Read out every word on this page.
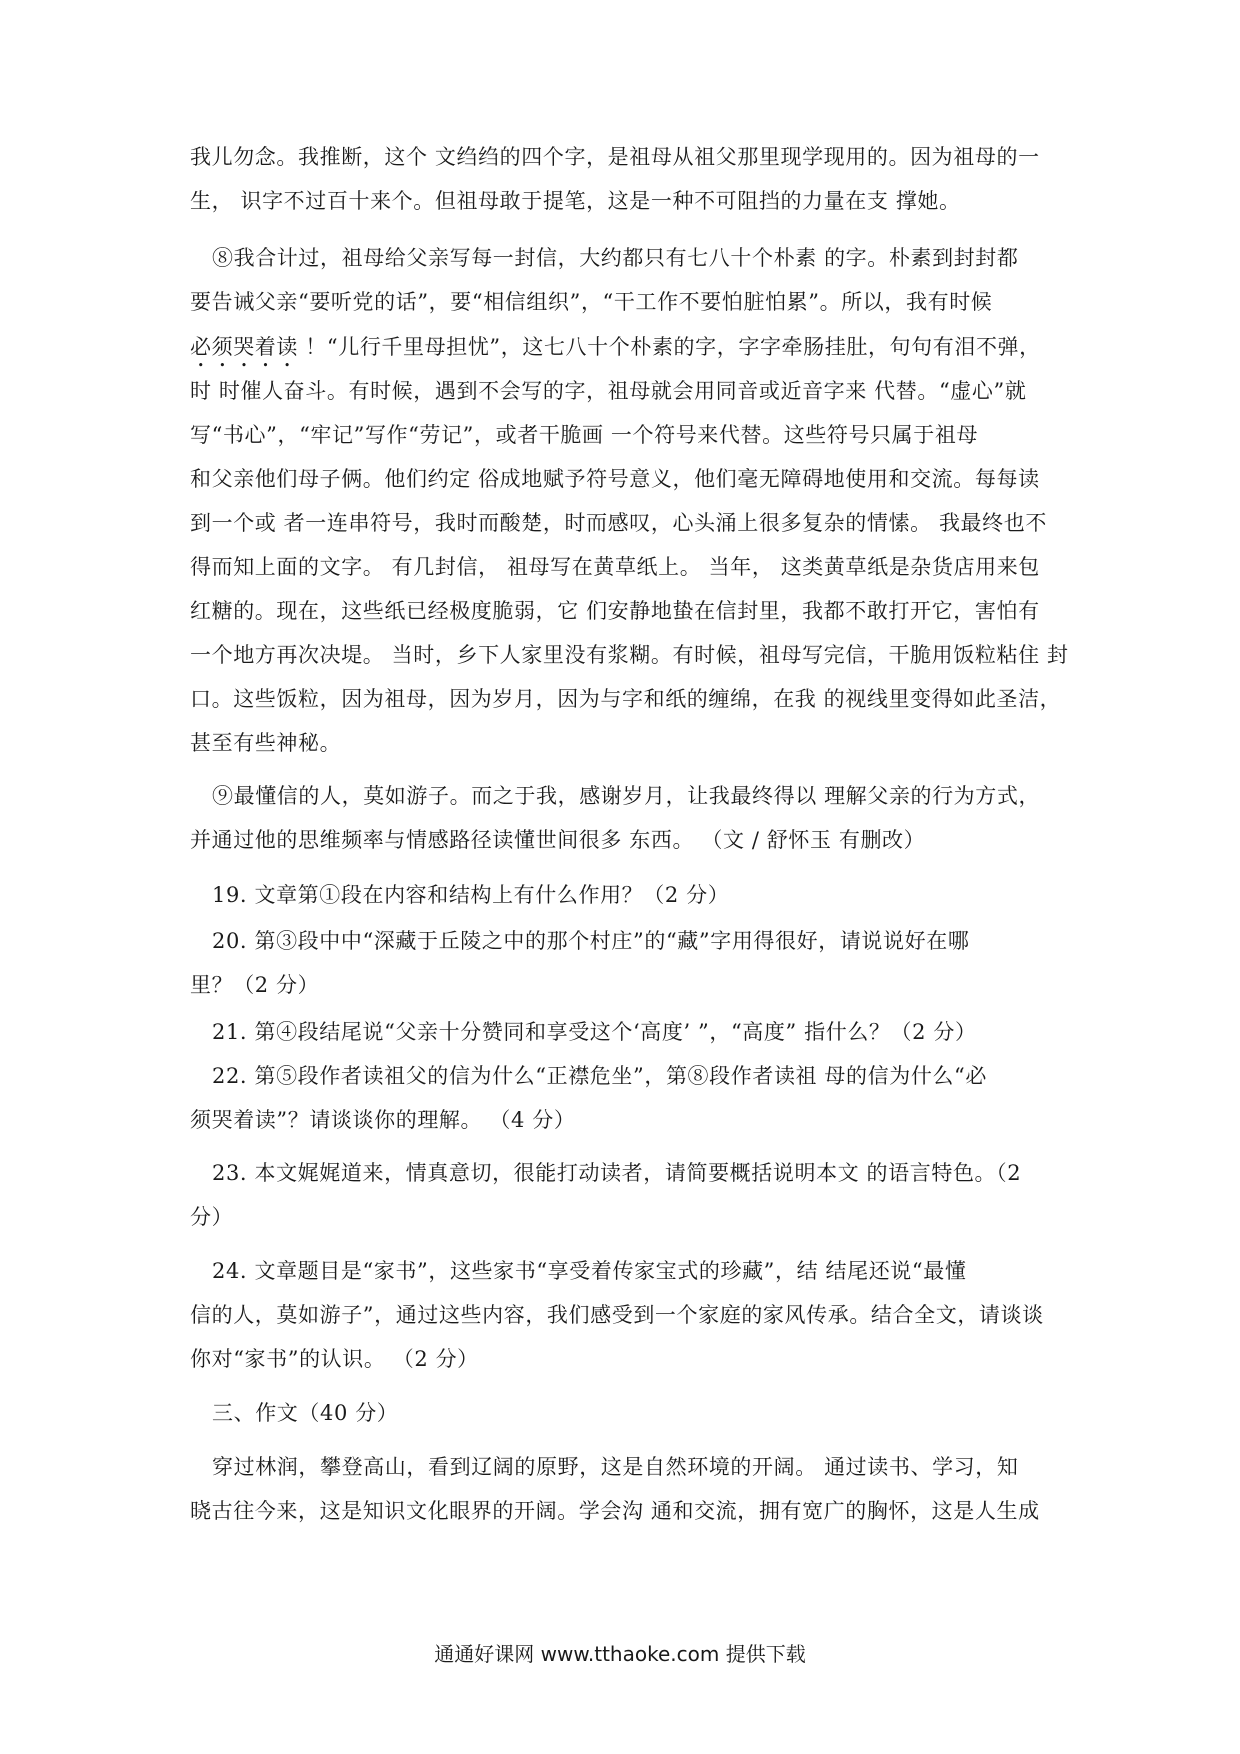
我儿勿念。我推断，这个 文绉绉的四个字，是祖母从祖父那里现学现用的。因为祖母的一
生， 识字不过百十来个。但祖母敢于提笔，这是一种不可阻挡的力量在支 撑她。
⑧我合计过，祖母给父亲写每一封信，大约都只有七八十个朴素 的字。朴素到封封都
要告诫父亲“要听党的话”，要“相信组织”，“干工作不要怕脏怕累”。所以，我有时候
必须哭着读 ！“儿行千里母担忧”，这七八十个朴素的字，字字牵肠挂肚，句句有泪不弹，
时 时催人奋斗。有时候，遇到不会写的字，祖母就会用同音或近音字来 代替。“虚心”就
写“书心”，“牢记”写作“劳记”，或者干脆画 一个符号来代替。这些符号只属于祖母
和父亲他们母子俩。他们约定 俗成地赋予符号意义，他们毫无障碍地使用和交流。每每读
到一个或 者一连串符号，我时而酸楚，时而感叹，心头涌上很多复杂的情愫。 我最终也不
得而知上面的文字。 有几封信， 祖母写在黄草纸上。 当年， 这类黄草纸是杂货店用来包
红糖的。现在，这些纸已经极度脆弱，它 们安静地蛰在信封里，我都不敢打开它，害怕有
一个地方再次决堤。 当时，乡下人家里没有浆糊。有时候，祖母写完信，干脆用饭粒粘住 封
口。这些饭粒，因为祖母，因为岁月，因为与字和纸的缠绵，在我 的视线里变得如此圣洁，
甚至有些神秘。
⑨最懂信的人，莫如游子。而之于我，感谢岁月，让我最终得以 理解父亲的行为方式，
并通过他的思维频率与情感路径读懂世间很多 东西。 （文 / 舒怀玉 有删改）
19. 文章第①段在内容和结构上有什么作用？（2 分）
20. 第③段中中“深藏于丘陵之中的那个村庄”的“藏”字用得很好，请说说好在哪
里？（2 分）
21. 第④段结尾说“父亲十分赞同和享受这个‘高度’ ”，“高度” 指什么？（2 分）
22. 第⑤段作者读祖父的信为什么“正襟危坐”，第⑧段作者读祖 母的信为什么“必
须哭着读”？请谈谈你的理解。 （4 分）
23. 本文娓娓道来，情真意切，很能打动读者，请简要概括说明本文 的语言特色。（2
分）
24. 文章题目是“家书”，这些家书“享受着传家宝式的珍藏”，结 结尾还说“最懂
信的人，莫如游子”，通过这些内容，我们感受到一个家庭的家风传承。结合全文，请谈谈
你对“家书”的认识。 （2 分）
三、作文（40 分）
穿过林润，攀登高山，看到辽阔的原野，这是自然环境的开阔。 通过读书、学习，知
晓古往今来，这是知识文化眼界的开阔。学会沟 通和交流，拥有宽广的胸怀，这是人生成
通通好课网 www.tthaoke.com 提供下载
